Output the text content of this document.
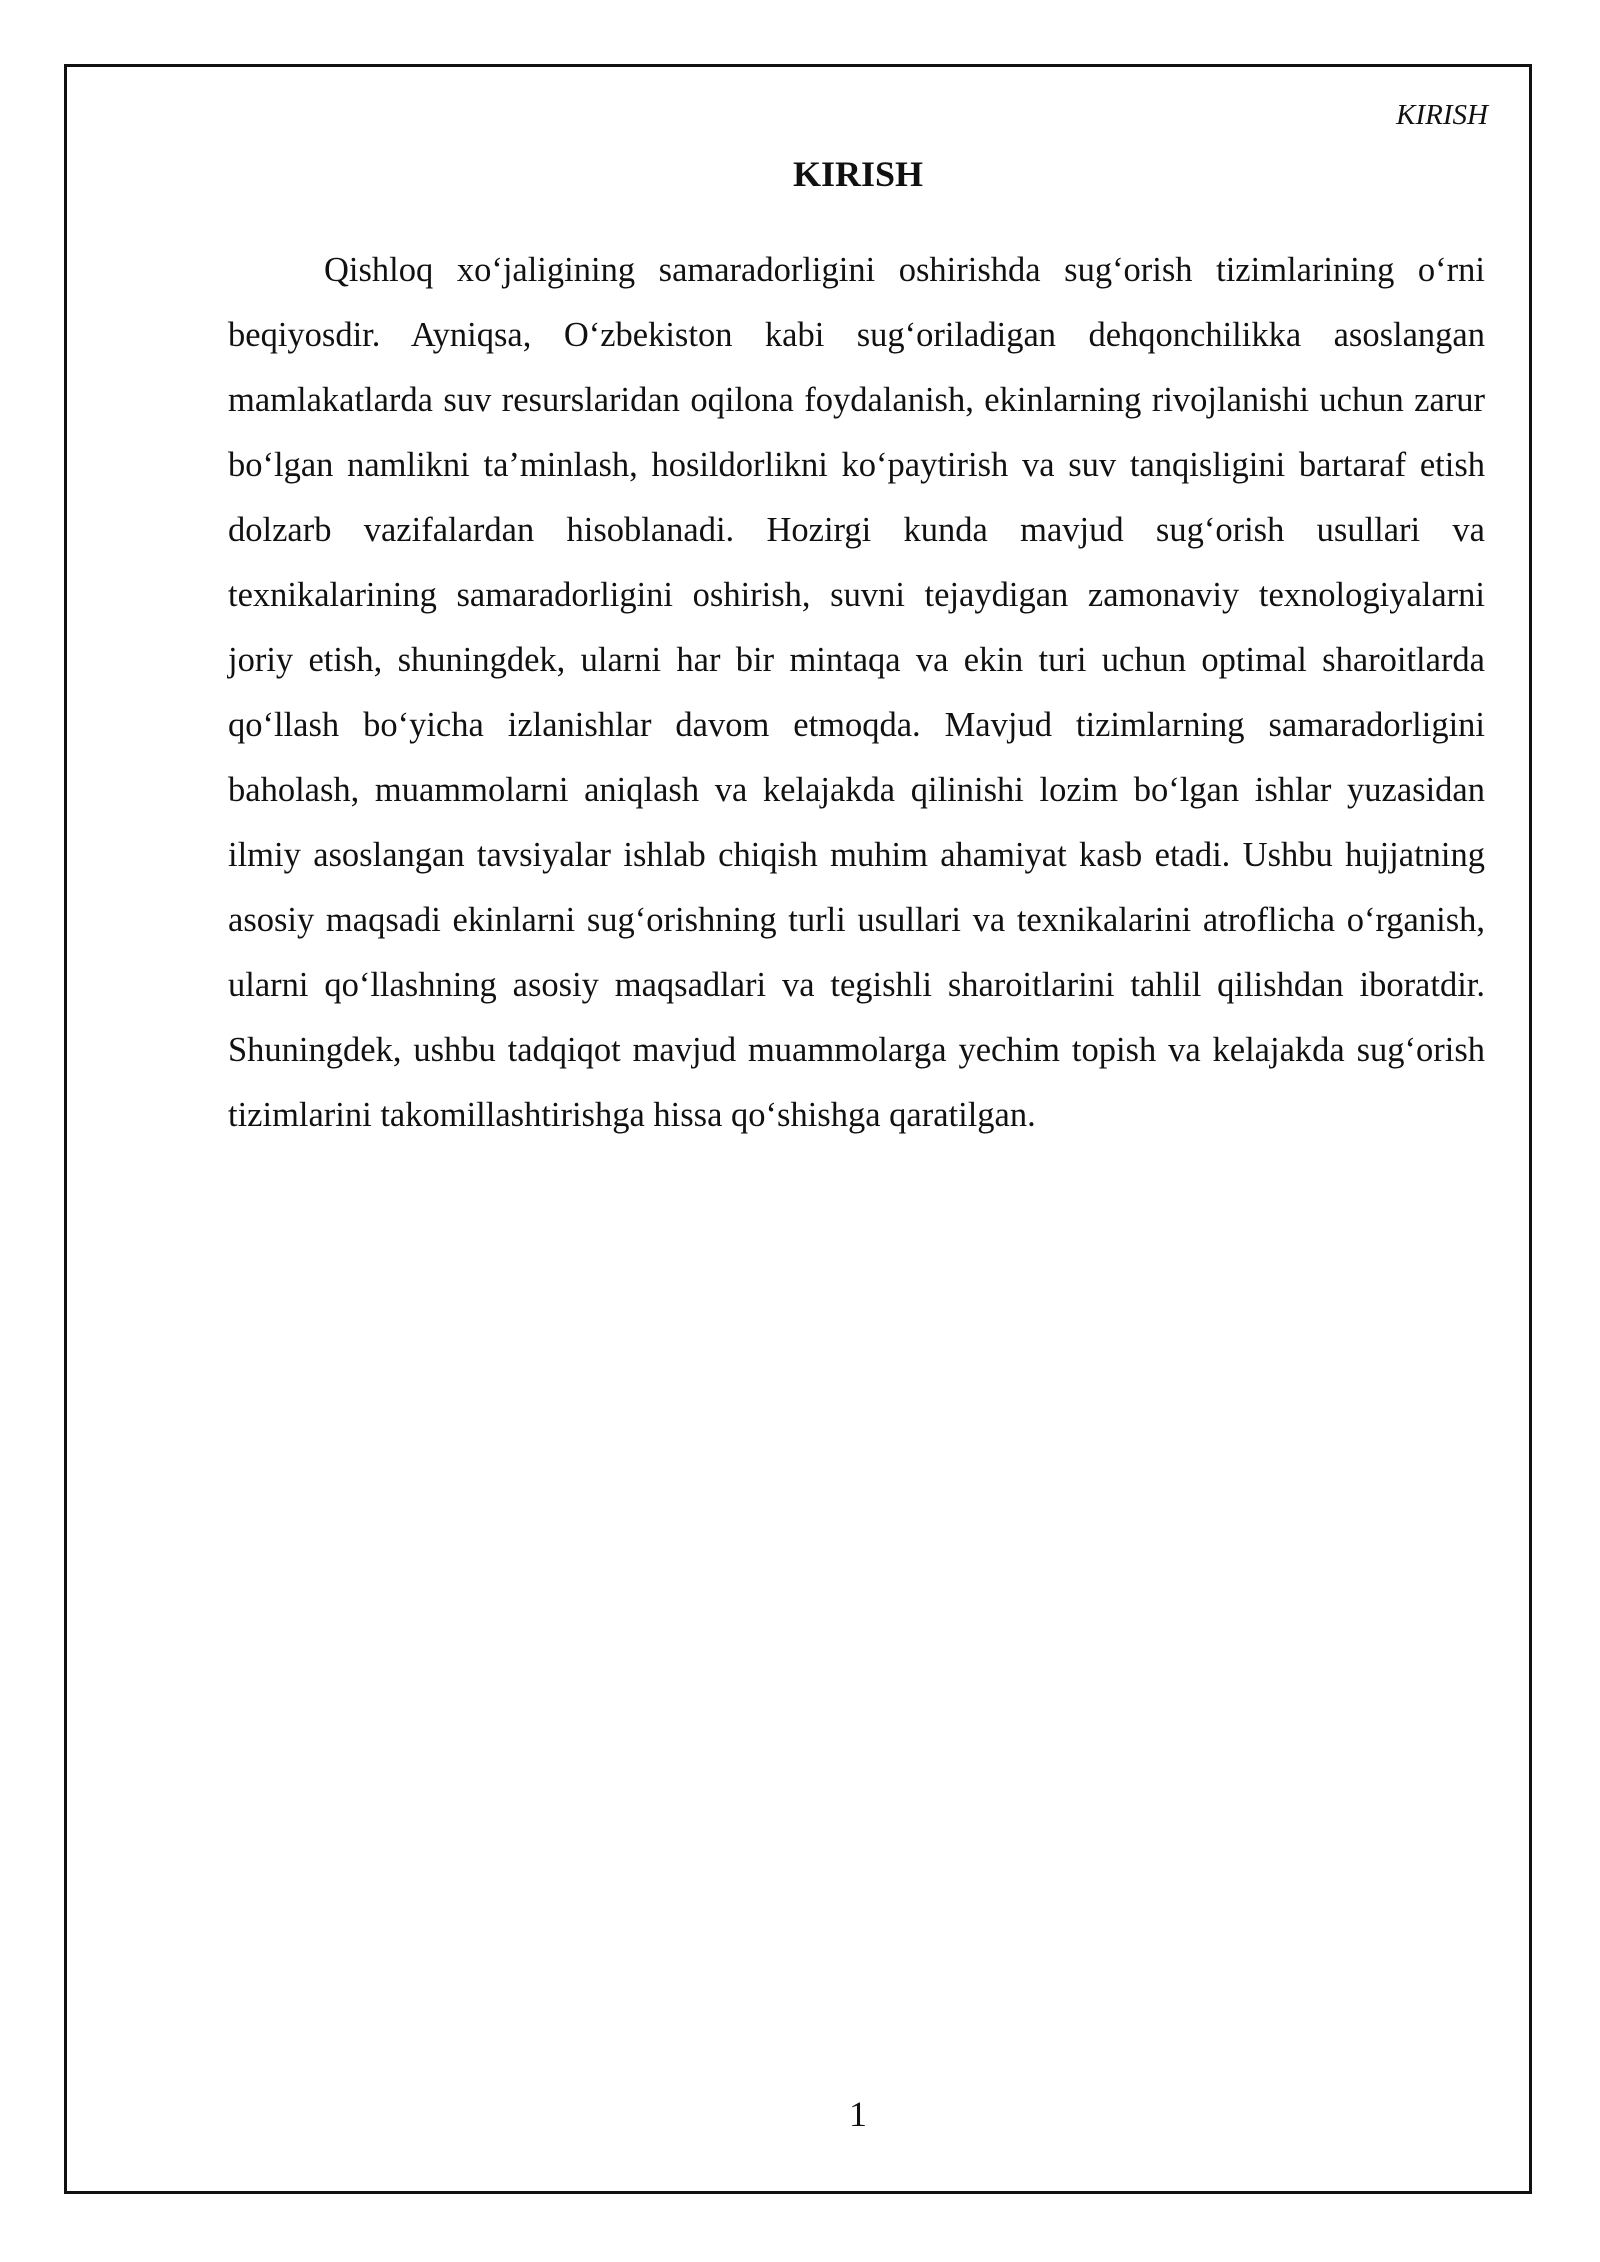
KIRISH
KIRISH

Qishloq xo‘jaligining samaradorligini oshirishda sug‘orish tizimlarining o‘rni beqiyosdir. Ayniqsa, O‘zbekiston kabi sug‘oriladigan dehqonchilikka asoslangan mamlakatlarda suv resurslaridan oqilona foydalanish, ekinlarning rivojlanishi uchun zarur bo‘lgan namlikni ta’minlash, hosildorlikni ko‘paytirish va suv tanqisligini bartaraf etish dolzarb vazifalardan hisoblanadi. Hozirgi kunda mavjud sug‘orish usullari va texnikalarining samaradorligini oshirish, suvni tejaydigan zamonaviy texnologiyalarni joriy etish, shuningdek, ularni har bir mintaqa va ekin turi uchun optimal sharoitlarda qo‘llash bo‘yicha izlanishlar davom etmoqda. Mavjud tizimlarning samaradorligini baholash, muammolarni aniqlash va kelajakda qilinishi lozim bo‘lgan ishlar yuzasidan ilmiy asoslangan tavsiyalar ishlab chiqish muhim ahamiyat kasb etadi. Ushbu hujjatning asosiy maqsadi ekinlarni sug‘orishning turli usullari va texnikalarini atroflicha o‘rganish, ularni qo‘llashning asosiy maqsadlari va tegishli sharoitlarini tahlil qilishdan iboratdir. Shuningdek, ushbu tadqiqot mavjud muammolarga yechim topish va kelajakda sug‘orish tizimlarini takomillashtirishga hissa qo‘shishga qaratilgan.

1
